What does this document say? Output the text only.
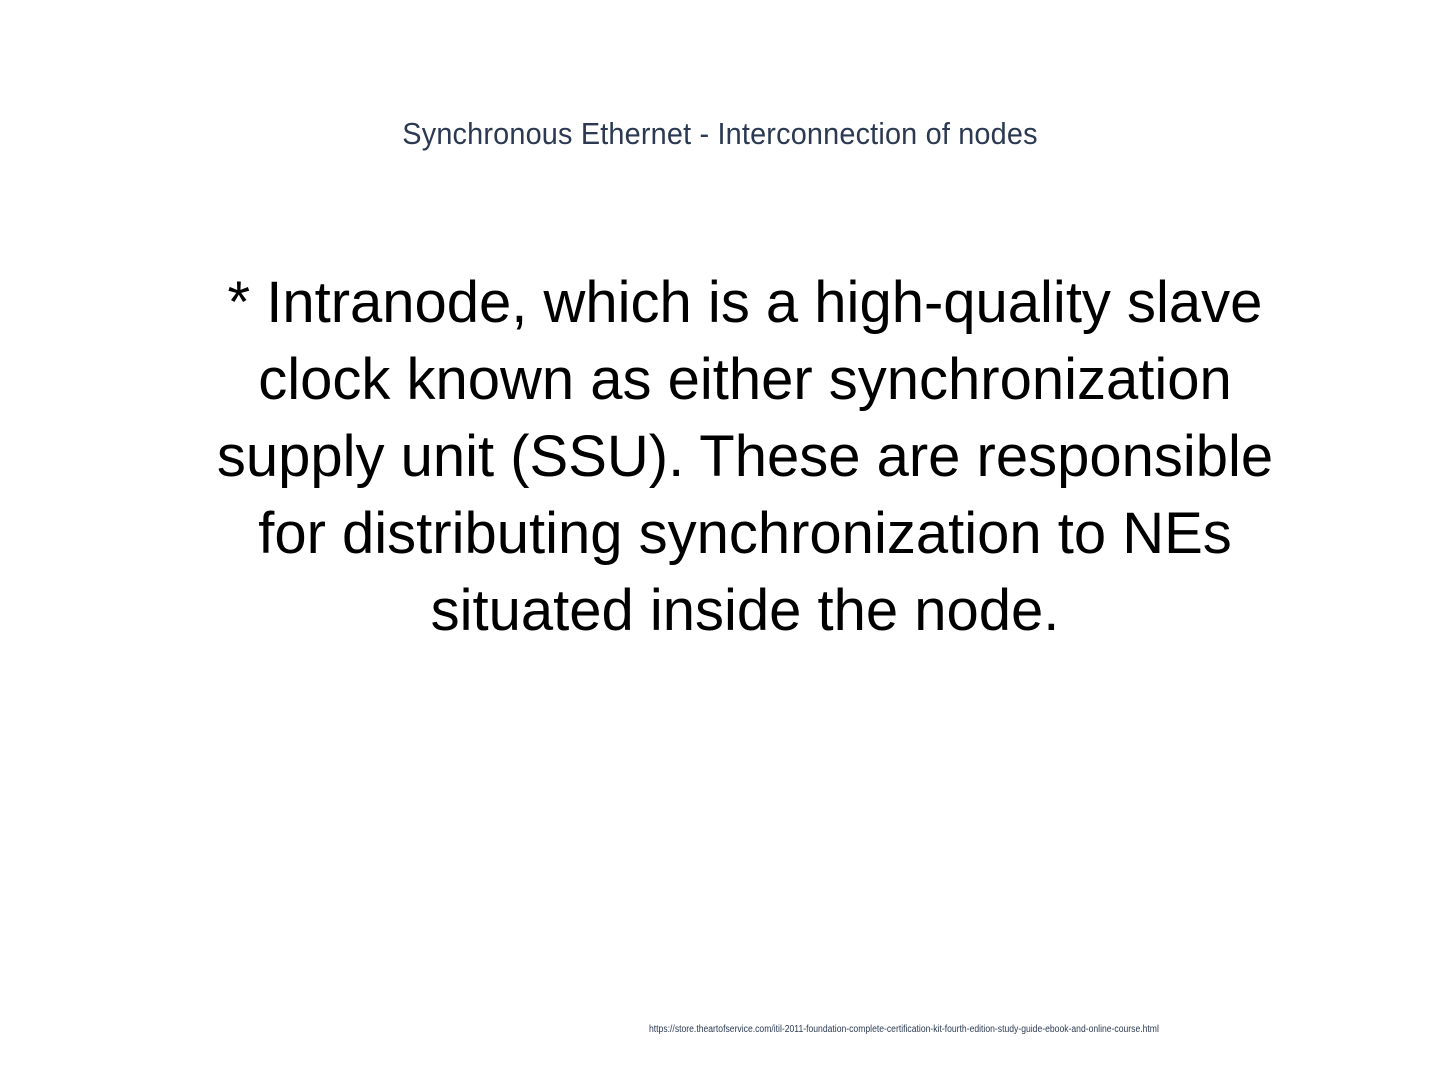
Synchronous Ethernet - Interconnection of nodes
* Intranode, which is a high-quality slave
clock known as either synchronization
supply unit (SSU). These are responsible
for distributing synchronization to NEs
situated inside the node.
https://store.theartofservice.com/itil-2011-foundation-complete-certification-kit-fourth-edition-study-guide-ebook-and-online-course.html
